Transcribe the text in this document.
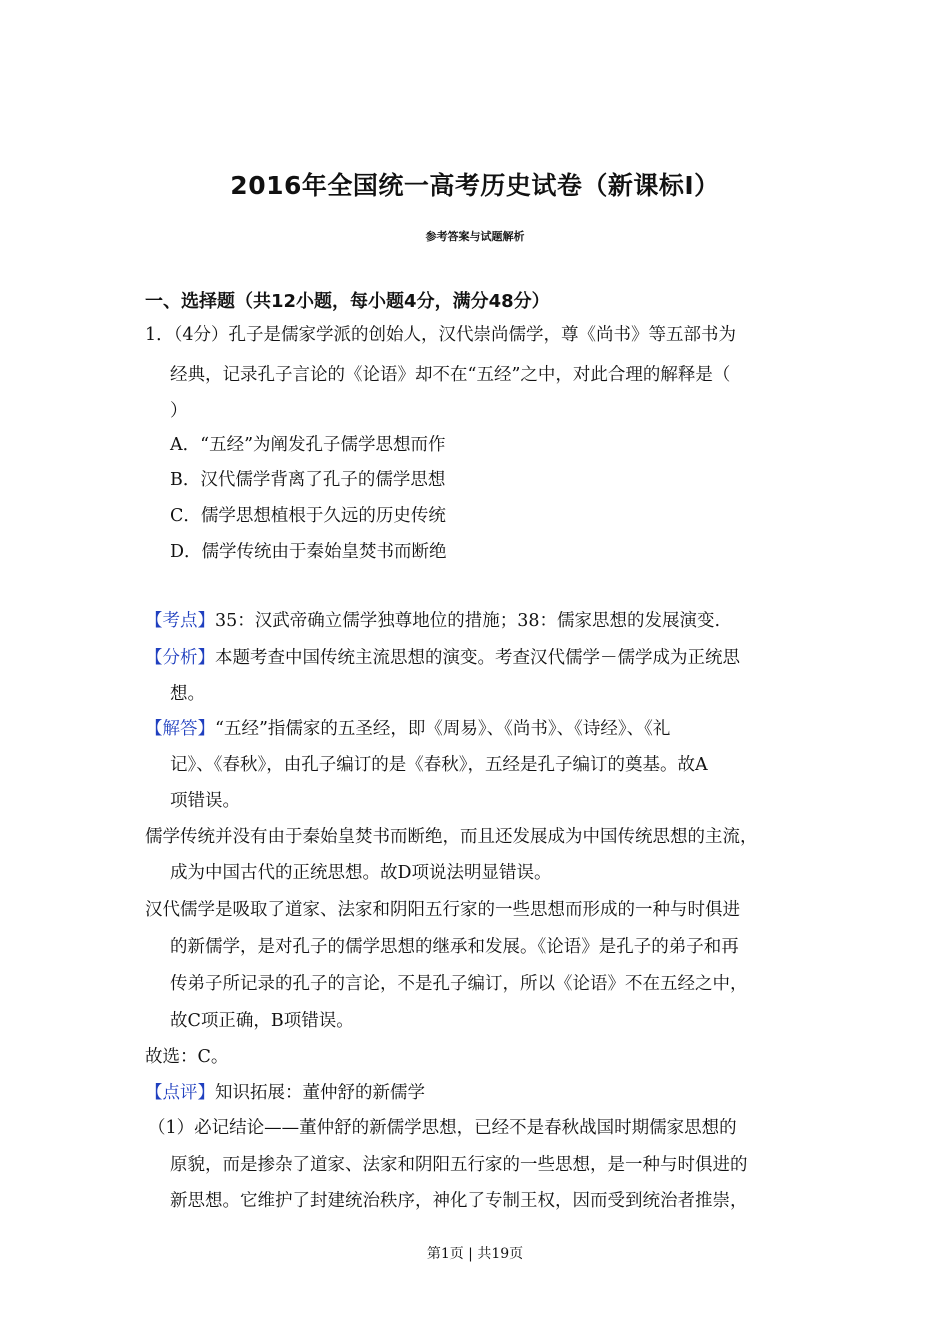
2016年全国统一高考历史试卷（新课标Ⅰ）
参考答案与试题解析
一、选择题（共12小题，每小题4分，满分48分）
1．（4分）孔子是儒家学派的创始人，汉代崇尚儒学，尊《尚书》等五部书为
经典，记录孔子言论的《论语》却不在“五经”之中，对此合理的解释是（
）
A．“五经”为阐发孔子儒学思想而作
B．汉代儒学背离了孔子的儒学思想
C．儒学思想植根于久远的历史传统
D．儒学传统由于秦始皇焚书而断绝
【考点】35：汉武帝确立儒学独尊地位的措施；38：儒家思想的发展演变.
【分析】本题考查中国传统主流思想的演变。考查汉代儒学－儒学成为正统思
想。
【解答】“五经”指儒家的五圣经，即《周易》、《尚书》、《诗经》、《礼
记》、《春秋》，由孔子编订的是《春秋》，五经是孔子编订的奠基。故A
项错误。
儒学传统并没有由于秦始皇焚书而断绝，而且还发展成为中国传统思想的主流，
成为中国古代的正统思想。故D项说法明显错误。
汉代儒学是吸取了道家、法家和阴阳五行家的一些思想而形成的一种与时俱进
的新儒学，是对孔子的儒学思想的继承和发展。《论语》是孔子的弟子和再
传弟子所记录的孔子的言论，不是孔子编订，所以《论语》不在五经之中，
故C项正确，B项错误。
故选：C。
【点评】知识拓展：董仲舒的新儒学
（1）必记结论——董仲舒的新儒学思想，已经不是春秋战国时期儒家思想的
原貌，而是掺杂了道家、法家和阴阳五行家的一些思想，是一种与时俱进的
新思想。它维护了封建统治秩序，神化了专制王权，因而受到统治者推崇，
第1页 | 共19页
